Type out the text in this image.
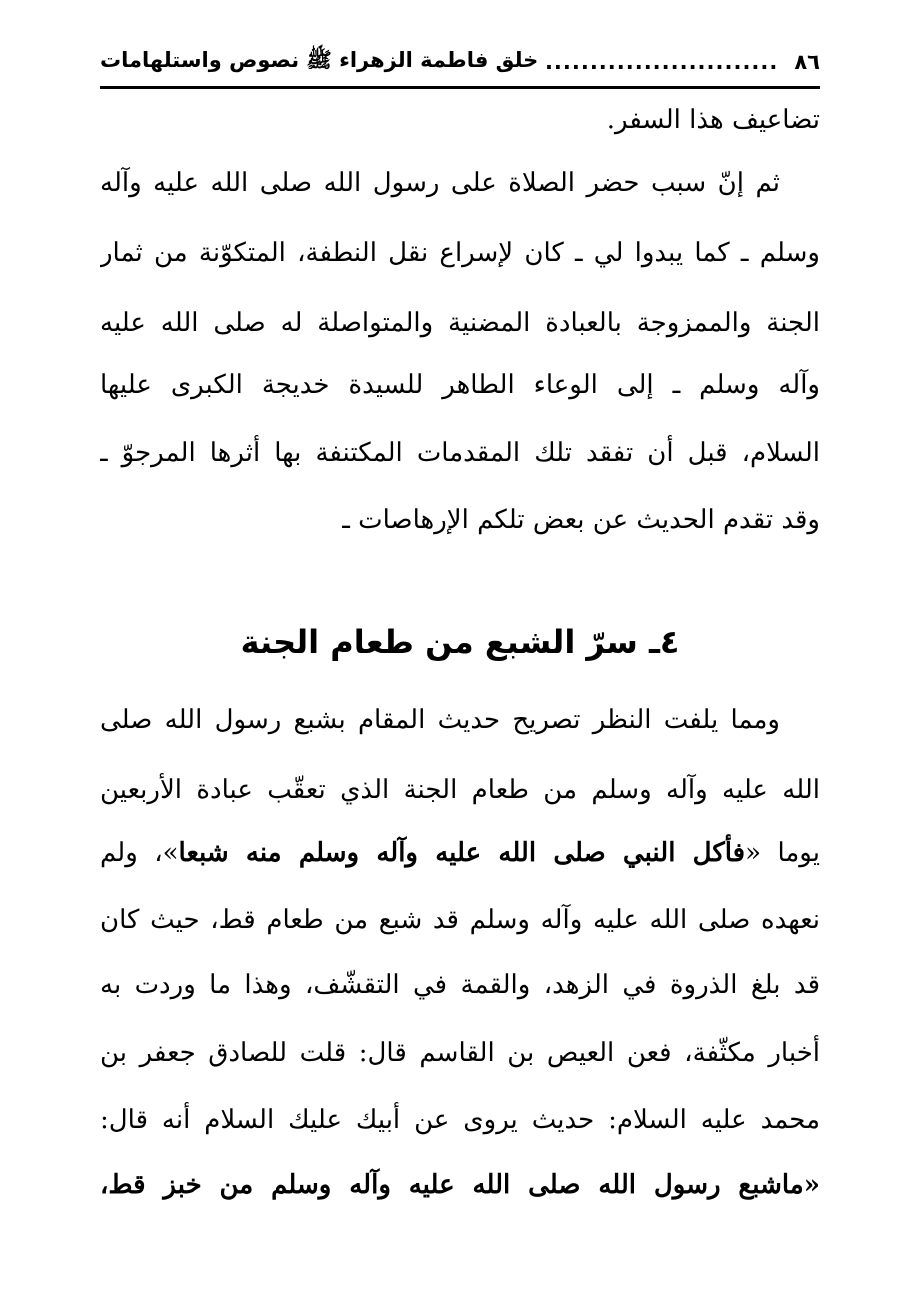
٨٦
.....
خلق فاطمة الزهراء ﷺ نصوص واستلهامات
تضاعيف هذا السفر.
ثم إنّ سبب حضر الصلاة على رسول الله صلى الله عليه وآله
وسلم ـ كما يبدوا لي ـ كان لإسراع نقل النطفة، المتكوّنة من ثمار
الجنة والممزوجة بالعبادة المضنية والمتواصلة له صلى الله عليه
وآله وسلم ـ إلى الوعاء الطاهر للسيدة خديجة الكبرى عليها
السلام، قبل أن تفقد تلك المقدمات المكتنفة بها أثرها المرجوّ ـ
وقد تقدم الحديث عن بعض تلكم الإرهاصات ـ
٤ـ سرّ الشبع من طعام الجنة
ومما يلفت النظر تصريح حديث المقام بشبع رسول الله صلى
الله عليه وآله وسلم من طعام الجنة الذي تعقّب عبادة الأربعين
يوما «فأكل النبي صلى الله عليه وآله وسلم منه شبعا»، ولم
نعهده صلى الله عليه وآله وسلم قد شبع من طعام قط، حيث كان
قد بلغ الذروة في الزهد، والقمة في التقشّف، وهذا ما وردت به
أخبار مكثّفة، فعن العيص بن القاسم قال: قلت للصادق جعفر بن
محمد عليه السلام: حديث يروى عن أبيك عليك السلام أنه قال:
«ماشبع رسول الله صلى الله عليه وآله وسلم من خبز قط،
